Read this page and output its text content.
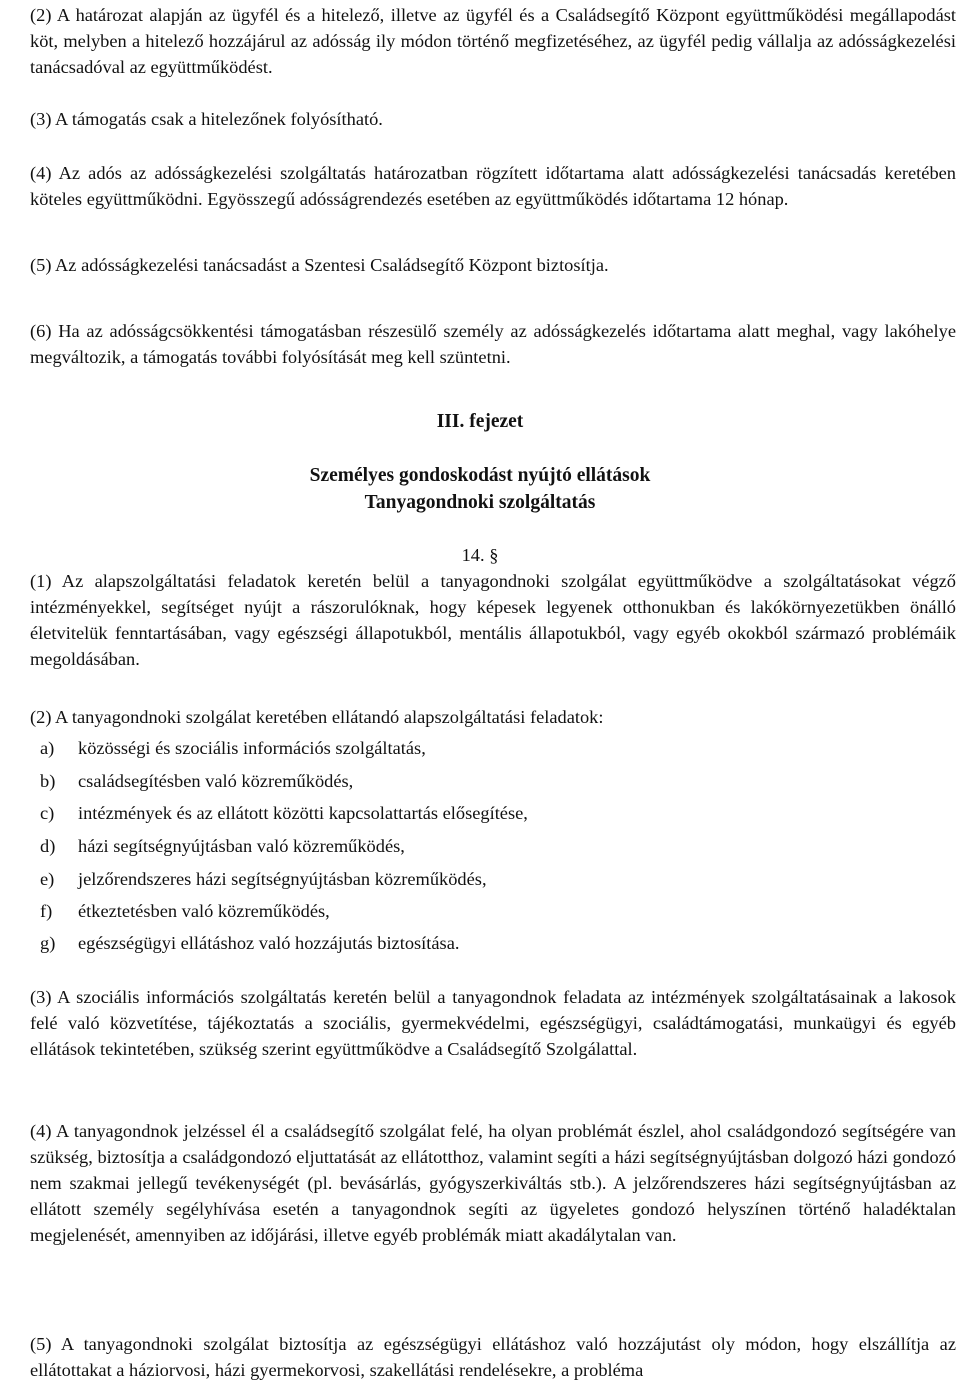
(2) A határozat alapján az ügyfél és a hitelező, illetve az ügyfél és a Családsegítő Központ együttműködési megállapodást köt, melyben a hitelező hozzájárul az adósság ily módon történő megfizetéséhez, az ügyfél pedig vállalja az adósságkezelési tanácsadóval az együttműködést.

(3) A támogatás csak a hitelezőnek folyósítható.

(4) Az adós az adósságkezelési szolgáltatás határozatban rögzített időtartama alatt adósságkezelési tanácsadás keretében köteles együttműködni. Egyösszegű adósságrendezés esetében az együttműködés időtartama 12 hónap.

(5) Az adósságkezelési tanácsadást a Szentesi Családsegítő Központ biztosítja.

(6) Ha az adósságcsökkentési támogatásban részesülő személy az adósságkezelés időtartama alatt meghal, vagy lakóhelye megváltozik, a támogatás további folyósítását meg kell szüntetni.

III. fejezet

Személyes gondoskodást nyújtó ellátások

Tanyagondnoki szolgáltatás

14. §

(1) Az alapszolgáltatási feladatok keretén belül a tanyagondnoki szolgálat együttműködve a szolgáltatásokat végző intézményekkel, segítséget nyújt a rászorulóknak, hogy képesek legyenek otthonukban és lakókörnyezetükben önálló életvitelük fenntartásában, vagy egészségi állapotukból, mentális állapotukból, vagy egyéb okokból származó problémáik megoldásában.

(2) A tanyagondnoki szolgálat keretében ellátandó alapszolgáltatási feladatok:

a) közösségi és szociális információs szolgáltatás,
b) családsegítésben való közreműködés,
c) intézmények és az ellátott közötti kapcsolattartás elősegítése,
d) házi segítségnyújtásban való közreműködés,
e) jelzőrendszeres házi segítségnyújtásban közreműködés,
f) étkeztetésben való közreműködés,
g) egészségügyi ellátáshoz való hozzájutás biztosítása.

(3) A szociális információs szolgáltatás keretén belül a tanyagondnok feladata az intézmények szolgáltatásainak a lakosok felé való közvetítése, tájékoztatás a szociális, gyermekvédelmi, egészségügyi, családtámogatási, munkaügyi és egyéb ellátások tekintetében, szükség szerint együttműködve a Családsegítő Szolgálattal.

(4) A tanyagondnok jelzéssel él a családsegítő szolgálat felé, ha olyan problémát észlel, ahol családgondozó segítségére van szükség, biztosítja a családgondozó eljuttatását az ellátotthoz, valamint segíti a házi segítségnyújtásban dolgozó házi gondozó nem szakmai jellegű tevékenységét (pl. bevásárlás, gyógyszerkiváltás stb.). A jelzőrendszeres házi segítségnyújtásban az ellátott személy segélyhívása esetén a tanyagondnok segíti az ügyeletes gondozó helyszínen történő haladéktalan megjelenését, amennyiben az időjárási, illetve egyéb problémák miatt akadálytalan van.

(5) A tanyagondnoki szolgálat biztosítja az egészségügyi ellátáshoz való hozzájutást oly módon, hogy elszállítja az ellátottakat a háziorvosi, házi gyermekorvosi, szakellátási rendelésekre, a probléma
